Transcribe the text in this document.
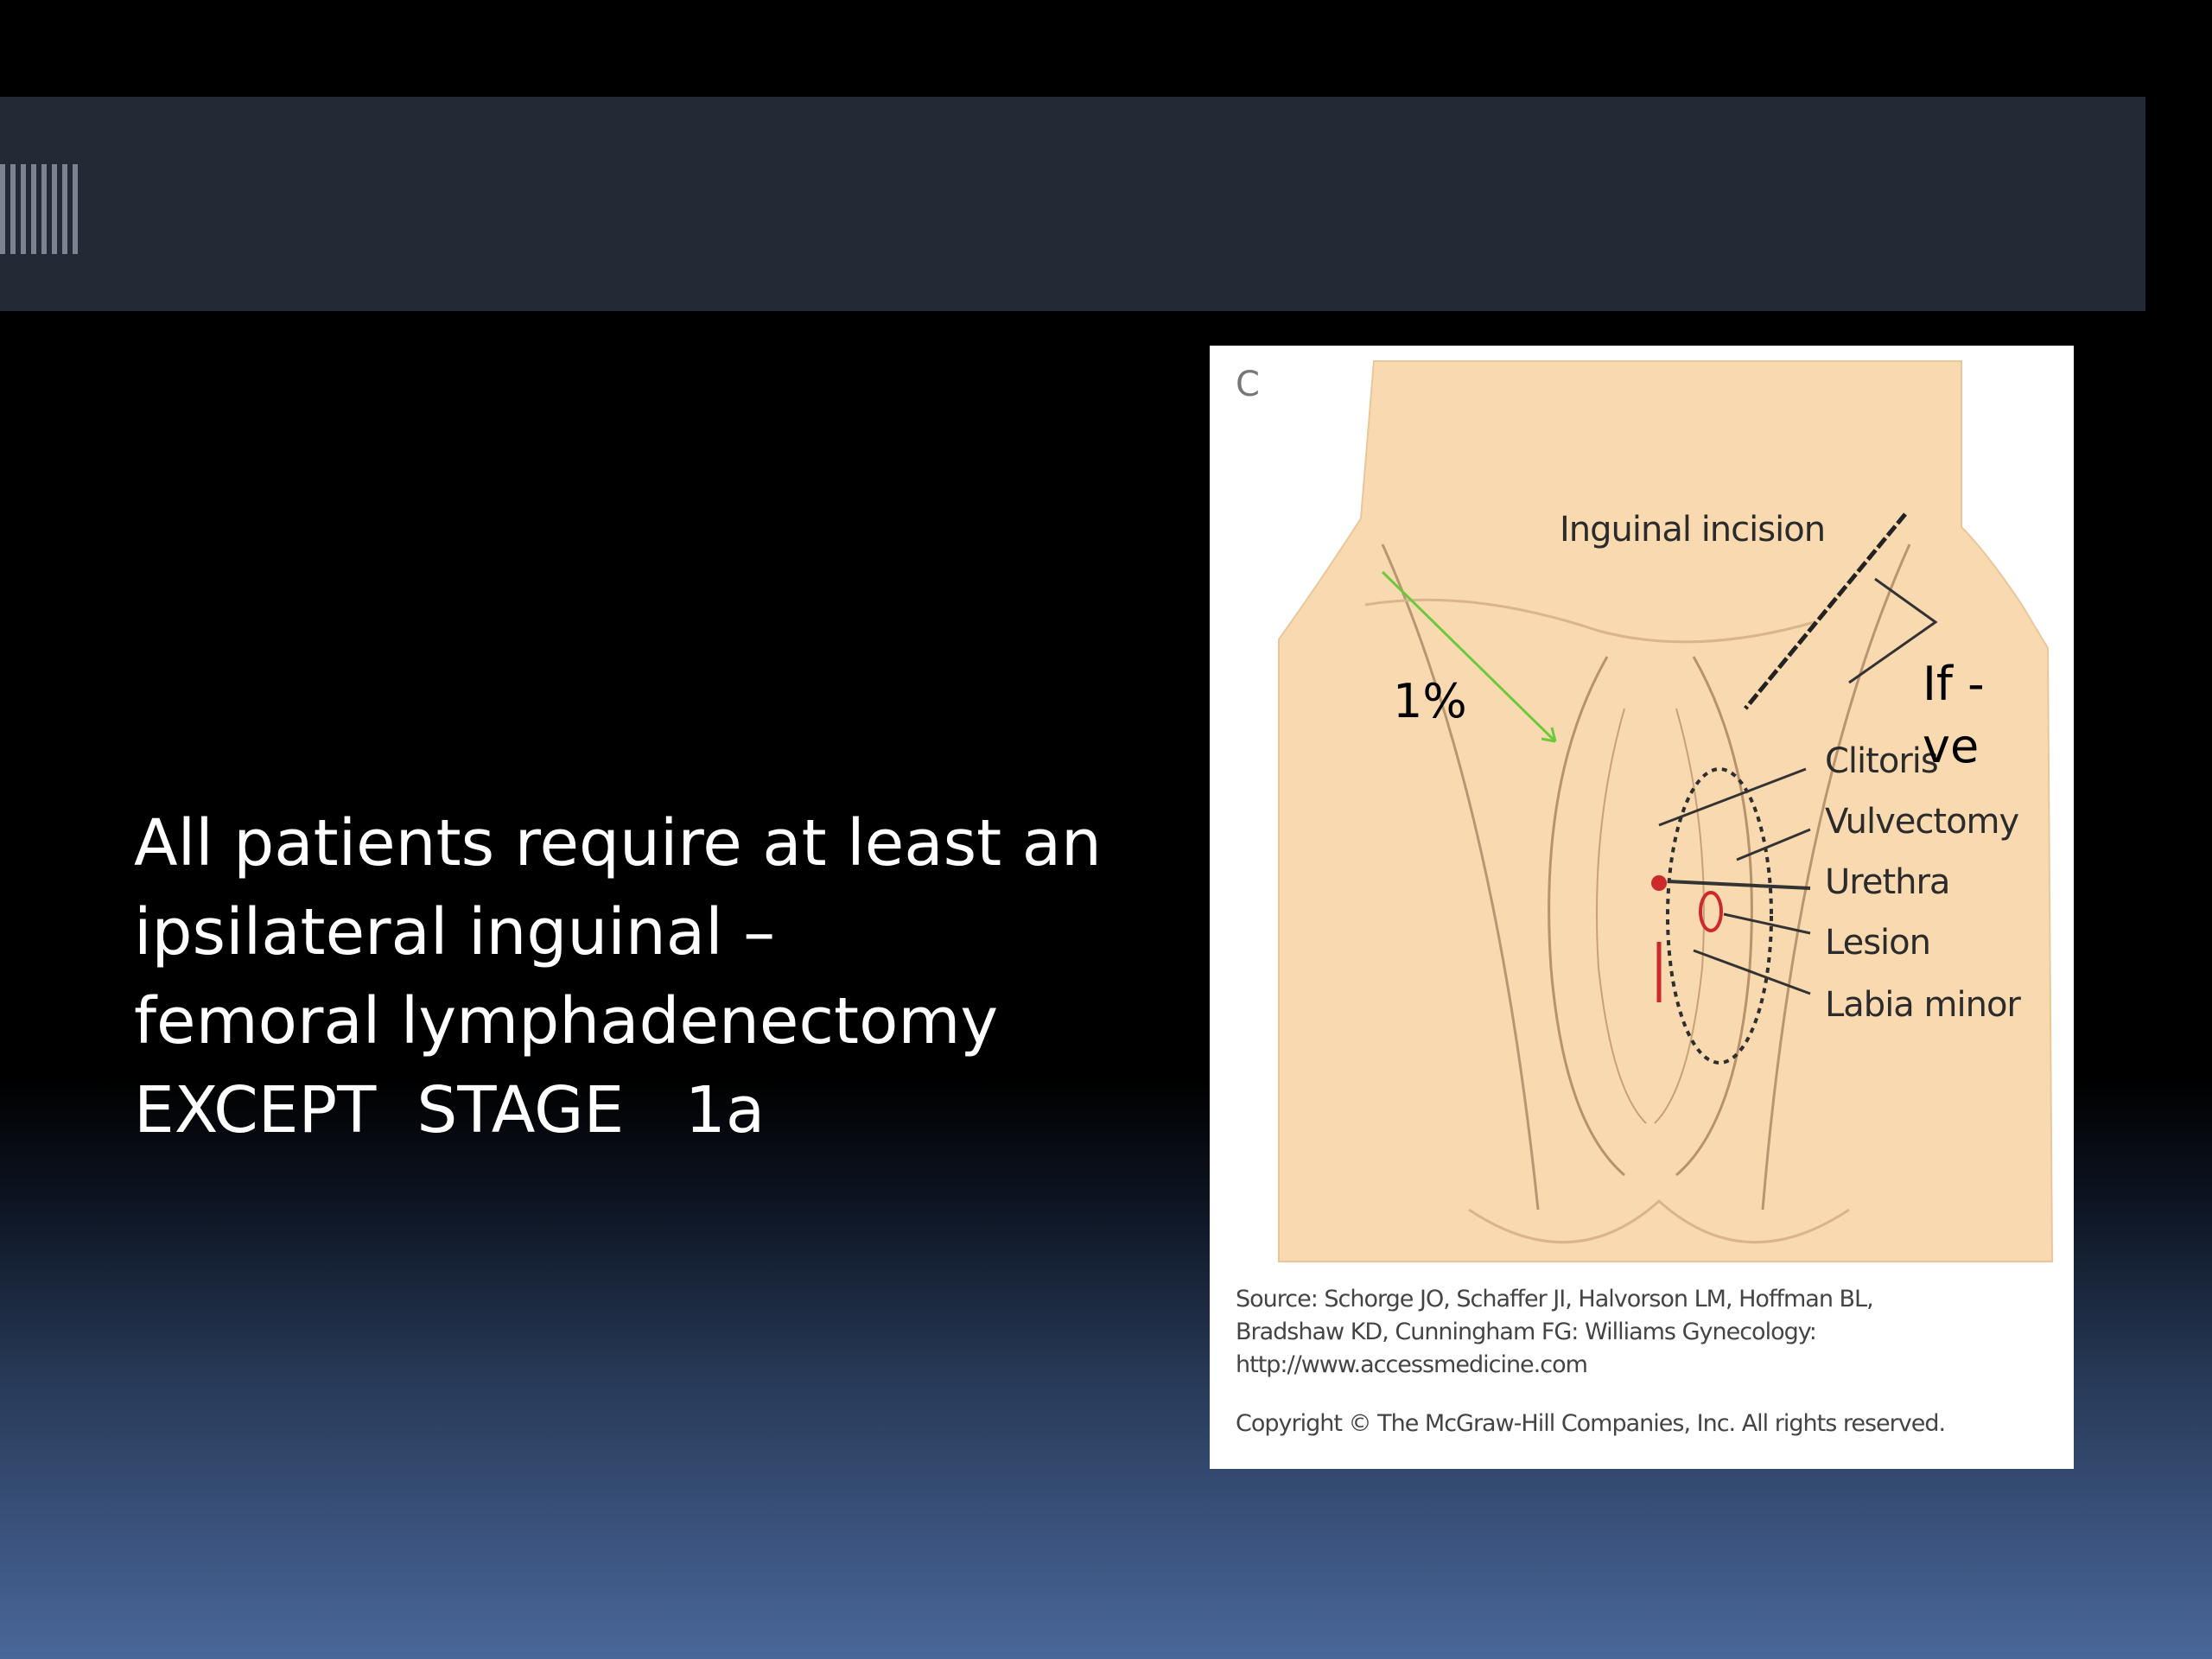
All patients require at least an
ipsilateral inguinal –
femoral lymphadenectomy
EXCEPT  STAGE   1a
C
Inguinal incision
Clitoris
Vulvectomy
Urethra
Lesion
Labia minor
1%	If -
ve
Source: Schorge JO, Schaffer JI, Halvorson LM, Hoffman BL,
Bradshaw KD, Cunningham FG: Williams Gynecology:
http://www.accessmedicine.com
Copyright © The McGraw-Hill Companies, Inc. All rights reserved.
